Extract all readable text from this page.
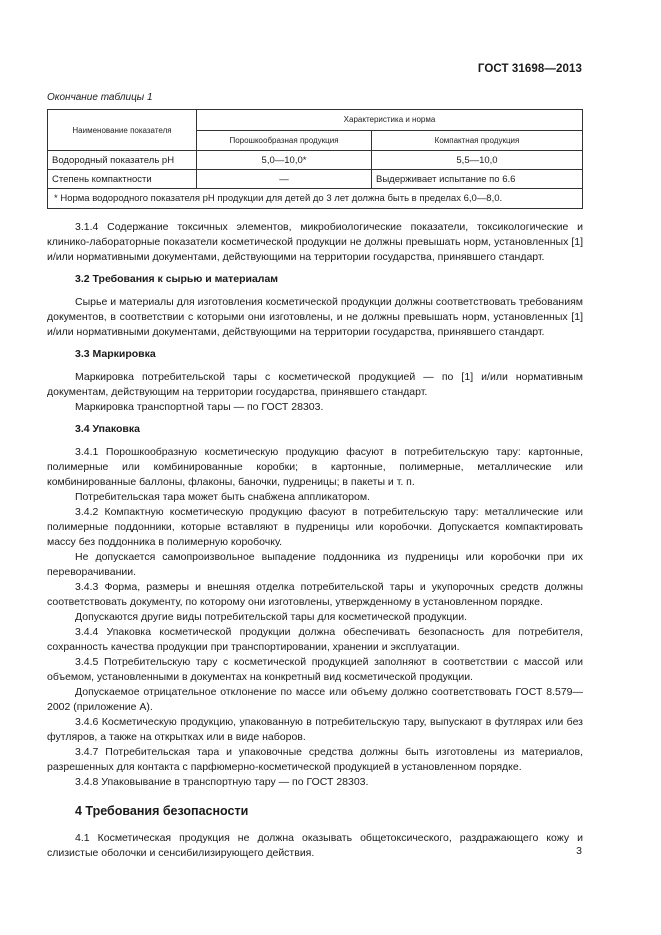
ГОСТ 31698—2013
Окончание таблицы 1
Наименование показателя	Характеристика и норма	
	Порошкообразная продукция	Компактная продукция
Водородный показатель pH	5,0—10,0*	5,5—10,0
Степень компактности	—	Выдерживает испытание по 6.6
* Норма водородного показателя pH продукции для детей до 3 лет должна быть в пределах 6,0—8,0.		

3.1.4 Содержание токсичных элементов, микробиологические показатели, токсикологические и клинико-лабораторные показатели косметической продукции не должны превышать норм, установленных [1] и/или нормативными документами, действующими на территории государства, принявшего стандарт.

3.2 Требования к сырью и материалам

Сырье и материалы для изготовления косметической продукции должны соответствовать требованиям документов, в соответствии с которыми они изготовлены, и не должны превышать норм, установленных [1] и/или нормативными документами, действующими на территории государства, принявшего стандарт.

3.3 Маркировка

Маркировка потребительской тары с косметической продукцией — по [1] и/или нормативным документам, действующим на территории государства, принявшего стандарт.

Маркировка транспортной тары — по ГОСТ 28303.

3.4 Упаковка

3.4.1 Порошкообразную косметическую продукцию фасуют в потребительскую тару: картонные, полимерные или комбинированные коробки; в картонные, полимерные, металлические или комбинированные баллоны, флаконы, баночки, пудреницы; в пакеты и т. п.

Потребительская тара может быть снабжена аппликатором.

3.4.2 Компактную косметическую продукцию фасуют в потребительскую тару: металлические или полимерные поддонники, которые вставляют в пудреницы или коробочки. Допускается компактировать массу без поддонника в полимерную коробочку.

Не допускается самопроизвольное выпадение поддонника из пудреницы или коробочки при их переворачивании.

3.4.3 Форма, размеры и внешняя отделка потребительской тары и укупорочных средств должны соответствовать документу, по которому они изготовлены, утвержденному в установленном порядке.

Допускаются другие виды потребительской тары для косметической продукции.

3.4.4 Упаковка косметической продукции должна обеспечивать безопасность для потребителя, сохранность качества продукции при транспортировании, хранении и эксплуатации.

3.4.5 Потребительскую тару с косметической продукцией заполняют в соответствии с массой или объемом, установленными в документах на конкретный вид косметической продукции.

Допускаемое отрицательное отклонение по массе или объему должно соответствовать ГОСТ 8.579—2002 (приложение А).

3.4.6 Косметическую продукцию, упакованную в потребительскую тару, выпускают в футлярах или без футляров, а также на открытках или в виде наборов.

3.4.7 Потребительская тара и упаковочные средства должны быть изготовлены из материалов, разрешенных для контакта с парфюмерно-косметической продукцией в установленном порядке.

3.4.8 Упаковывание в транспортную тару — по ГОСТ 28303.

4 Требования безопасности

4.1 Косметическая продукция не должна оказывать общетоксического, раздражающего кожу и слизистые оболочки и сенсибилизирующего действия.	3
